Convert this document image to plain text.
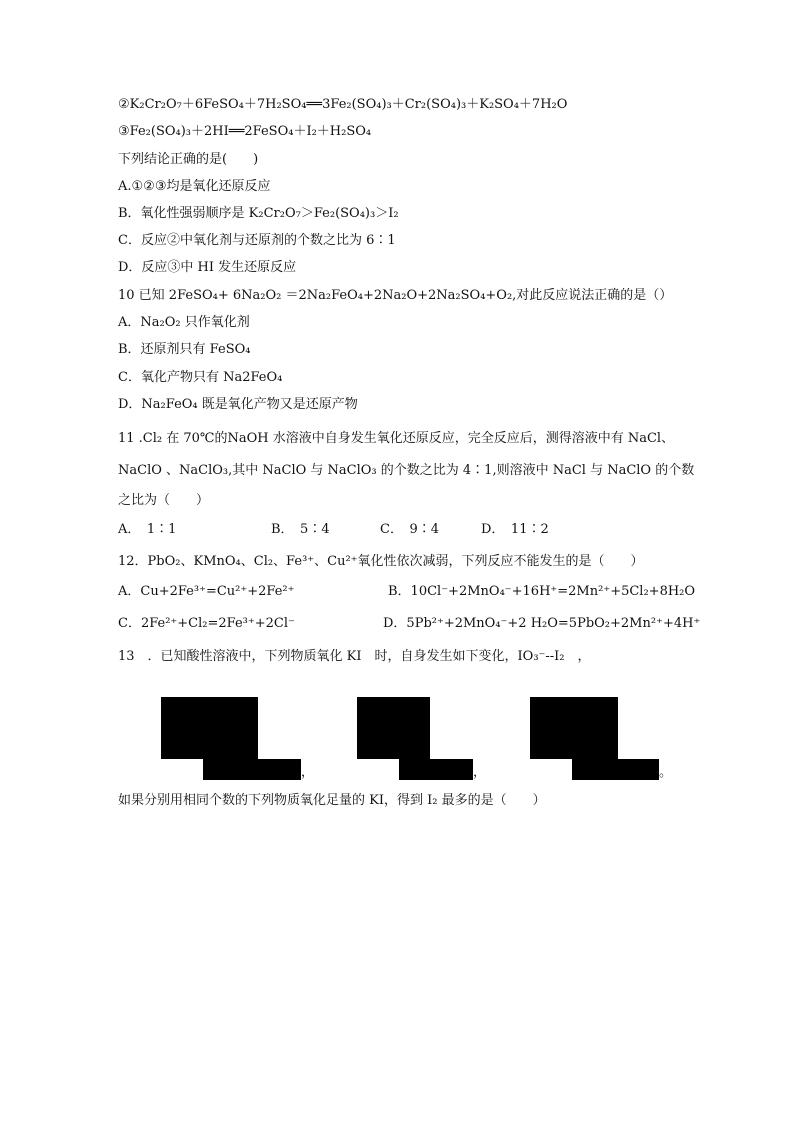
②K₂Cr₂O₇＋6FeSO₄＋7H₂SO₄══3Fe₂(SO₄)₃＋Cr₂(SO₄)₃＋K₂SO₄＋7H₂O
③Fe₂(SO₄)₃＋2HI══2FeSO₄＋I₂＋H₂SO₄
下列结论正确的是(　　)
A.①②③均是氧化还原反应
B．氧化性强弱顺序是 K₂Cr₂O₇＞Fe₂(SO₄)₃＞I₂
C．反应②中氧化剂与还原剂的个数之比为 6∶1
D．反应③中 HI 发生还原反应
10 已知 2FeSO₄+ 6Na₂O₂ ＝2Na₂FeO₄+2Na₂O+2Na₂SO₄+O₂,对此反应说法正确的是（）
A．Na₂O₂ 只作氧化剂
B．还原剂只有 FeSO₄
C．氧化产物只有 Na2FeO₄
D．Na₂FeO₄ 既是氧化产物又是还原产物
11 .Cl₂ 在 70℃的NaOH 水溶液中自身发生氧化还原反应，完全反应后，测得溶液中有 NaCl、
NaClO 、NaClO₃,其中 NaClO 与 NaClO₃ 的个数之比为 4∶1,则溶液中 NaCl 与 NaClO 的个数
之比为（　　）
A．　1∶1	B．　5∶4	C．　9∶4	D．　11∶2
12．PbO₂、KMnO₄、Cl₂、Fe³⁺、Cu²⁺氧化性依次减弱，下列反应不能发生的是（　　）
A．Cu+2Fe³⁺=Cu²⁺+2Fe²⁺	B．10Cl⁻+2MnO₄⁻+16H⁺=2Mn²⁺+5Cl₂+8H₂O
C．2Fe²⁺+Cl₂=2Fe³⁺+2Cl⁻	D．5Pb²⁺+2MnO₄⁻+2 H₂O=5PbO₂+2Mn²⁺+4H⁺
13　．已知酸性溶液中，下列物质氧化 KI　时，自身发生如下变化，IO₃⁻--I₂　，
，	，	。
如果分别用相同个数的下列物质氧化足量的 KI，得到 I₂ 最多的是（　　）
